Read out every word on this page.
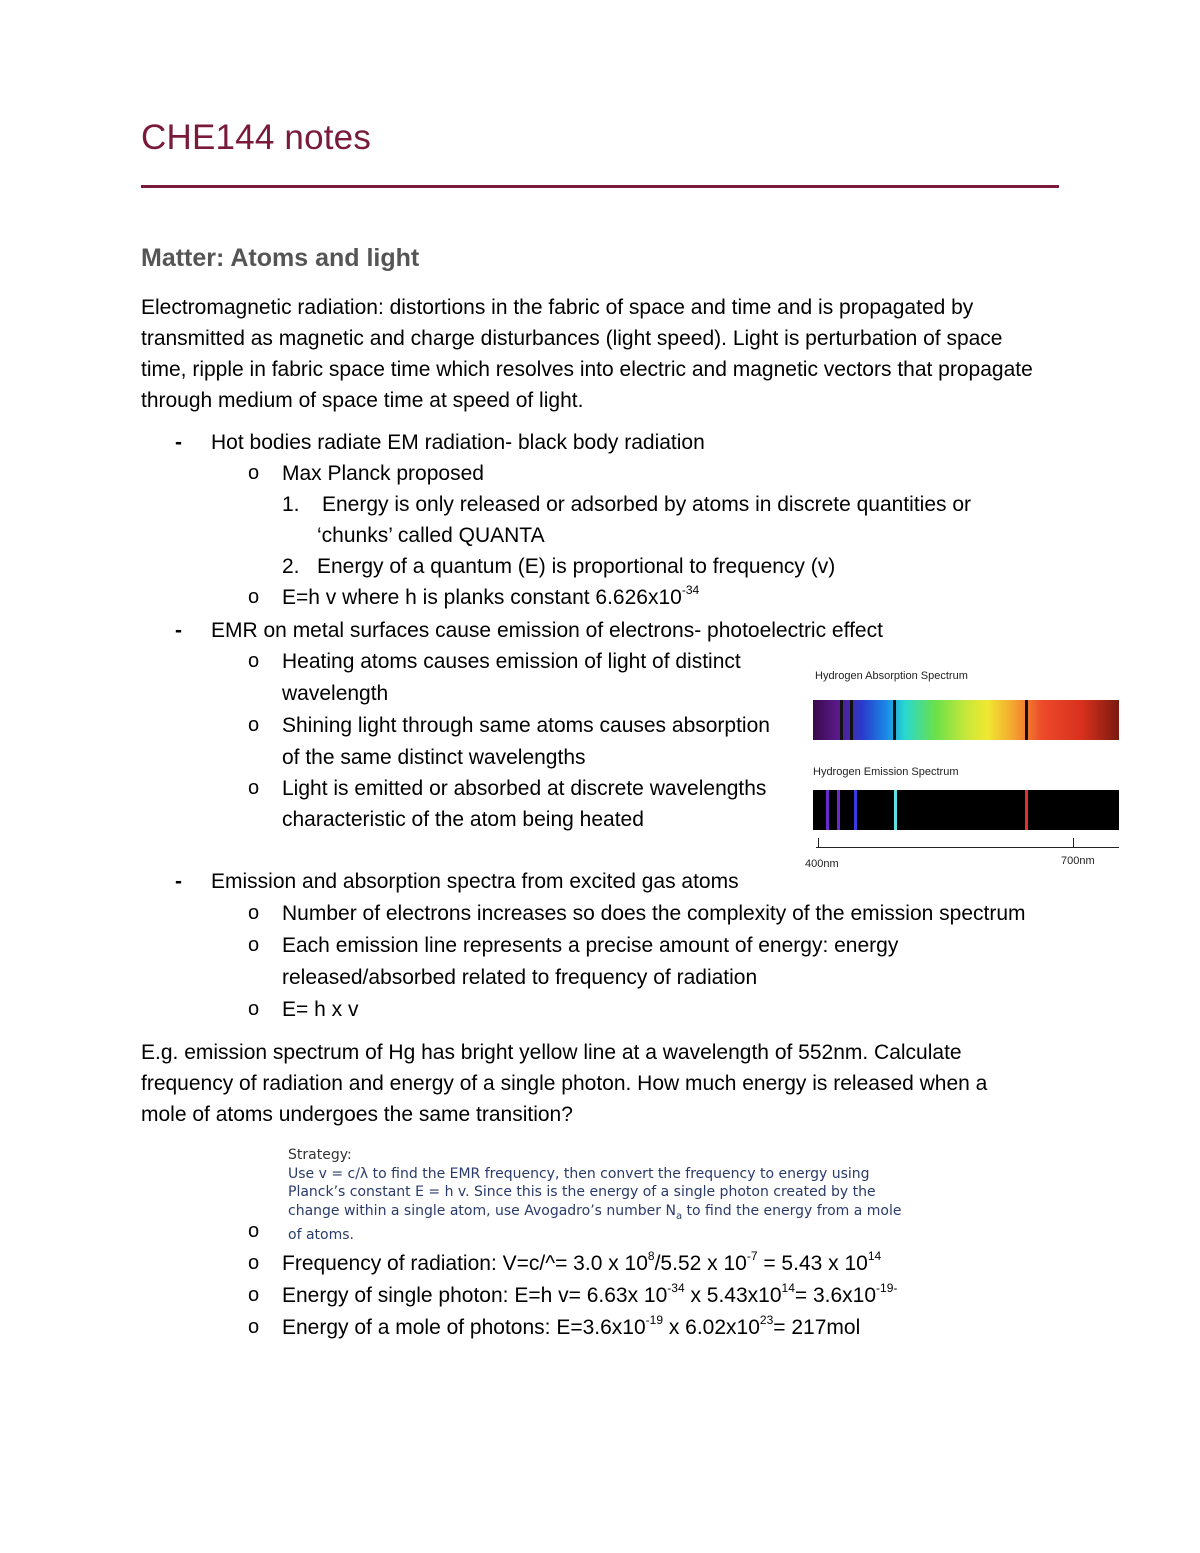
CHE144 notes
Matter: Atoms and light
Electromagnetic radiation: distortions in the fabric of space and time and is propagated by transmitted as magnetic and charge disturbances (light speed). Light is perturbation of space time, ripple in fabric space time which resolves into electric and magnetic vectors that propagate through medium of space time at speed of light.
- Hot bodies radiate EM radiation- black body radiation
o Max Planck proposed
1. Energy is only released or adsorbed by atoms in discrete quantities or
‘chunks’ called QUANTA
2. Energy of a quantum (E) is proportional to frequency (v)
o E=h v where h is planks constant $6.626x10^{-34}$
- EMR on metal surfaces cause emission of electrons- photoelectric effect
o Heating atoms causes emission of light of distinct
wavelength
o Shining light through same atoms causes absorption
of the same distinct wavelengths
o Light is emitted or absorbed at discrete wavelengths
characteristic of the atom being heated
Hydrogen Absorption Spectrum
Hydrogen Emission Spectrum
400nm	700nm
- Emission and absorption spectra from excited gas atoms
o Number of electrons increases so does the complexity of the emission spectrum
o Each emission line represents a precise amount of energy: energy
released/absorbed related to frequency of radiation
o E= h x v
E.g. emission spectrum of Hg has bright yellow line at a wavelength of 552nm. Calculate frequency of radiation and energy of a single photon. How much energy is released when a mole of atoms undergoes the same transition?
Strategy:
Use v = c/λ to find the EMR frequency, then convert the frequency to energy using
Planck’s constant E = h v. Since this is the energy of a single photon created by the
change within a single atom, use Avogadro’s number $N_a$ to find the energy from a mole
of atoms.
o
o Frequency of radiation: V=c/^= 3.0 x $10^8/5.52$ x $10^{-7} = 5.43$ x $10^{14}$
o Energy of single photon: E=h v= 6.63x $10^{-34}$ x $5.43x10^{14}= 3.6x10^{-19-}$
o Energy of a mole of photons: $E=3.6x10^{-19}$ x $6.02x10^{23}= 217mol$
